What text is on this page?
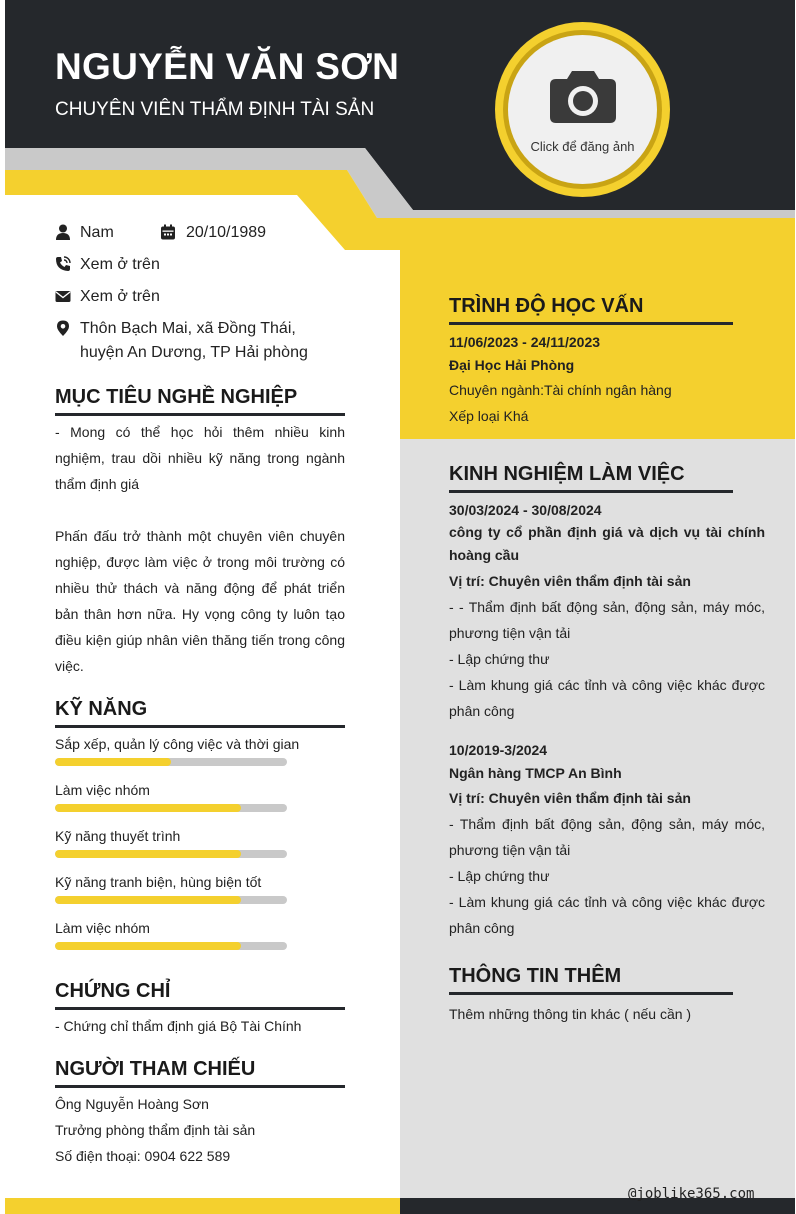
NGUYỄN VĂN SƠN
CHUYÊN VIÊN THẨM ĐỊNH TÀI SẢN
Click để đăng ảnh
Nam	20/10/1989
Xem ở trên
Xem ở trên
Thôn Bạch Mai, xã Đồng Thái,
huyện An Dương, TP Hải phòng
MỤC TIÊU NGHỀ NGHIỆP
- Mong có thể học hỏi thêm nhiều kinh nghiệm, trau dồi nhiều kỹ năng trong ngành thẩm định giá
Phấn đấu trở thành một chuyên viên chuyên nghiệp, được làm việc ở trong môi trường có nhiều thử thách và năng động để phát triển bản thân hơn nữa. Hy vọng công ty luôn tạo điều kiện giúp nhân viên thăng tiến trong công việc.
KỸ NĂNG
Sắp xếp, quản lý công việc và thời gian
Làm việc nhóm
Kỹ năng thuyết trình
Kỹ năng tranh biện, hùng biện tốt
Làm việc nhóm
CHỨNG CHỈ
- Chứng chỉ thẩm định giá Bộ Tài Chính
NGƯỜI THAM CHIẾU
Ông Nguyễn Hoàng Sơn
Trưởng phòng thẩm định tài sản
Số điện thoại: 0904 622 589
TRÌNH ĐỘ HỌC VẤN
11/06/2023 - 24/11/2023
Đại Học Hải Phòng
Chuyên ngành:Tài chính ngân hàng
Xếp loại Khá
KINH NGHIỆM LÀM VIỆC
30/03/2024 - 30/08/2024
công ty cổ phần định giá và dịch vụ tài chính hoàng cầu
Vị trí: Chuyên viên thẩm định tài sản
- - Thẩm định bất động sản, động sản, máy móc, phương tiện vận tải
- Lập chứng thư
- Làm khung giá các tỉnh và công việc khác được phân công
10/2019-3/2024
Ngân hàng TMCP An Bình
Vị trí: Chuyên viên thẩm định tài sản
- Thẩm định bất động sản, động sản, máy móc, phương tiện vận tải
- Lập chứng thư
- Làm khung giá các tỉnh và công việc khác được phân công
THÔNG TIN THÊM
Thêm những thông tin khác ( nếu cần )
@joblike365.com
